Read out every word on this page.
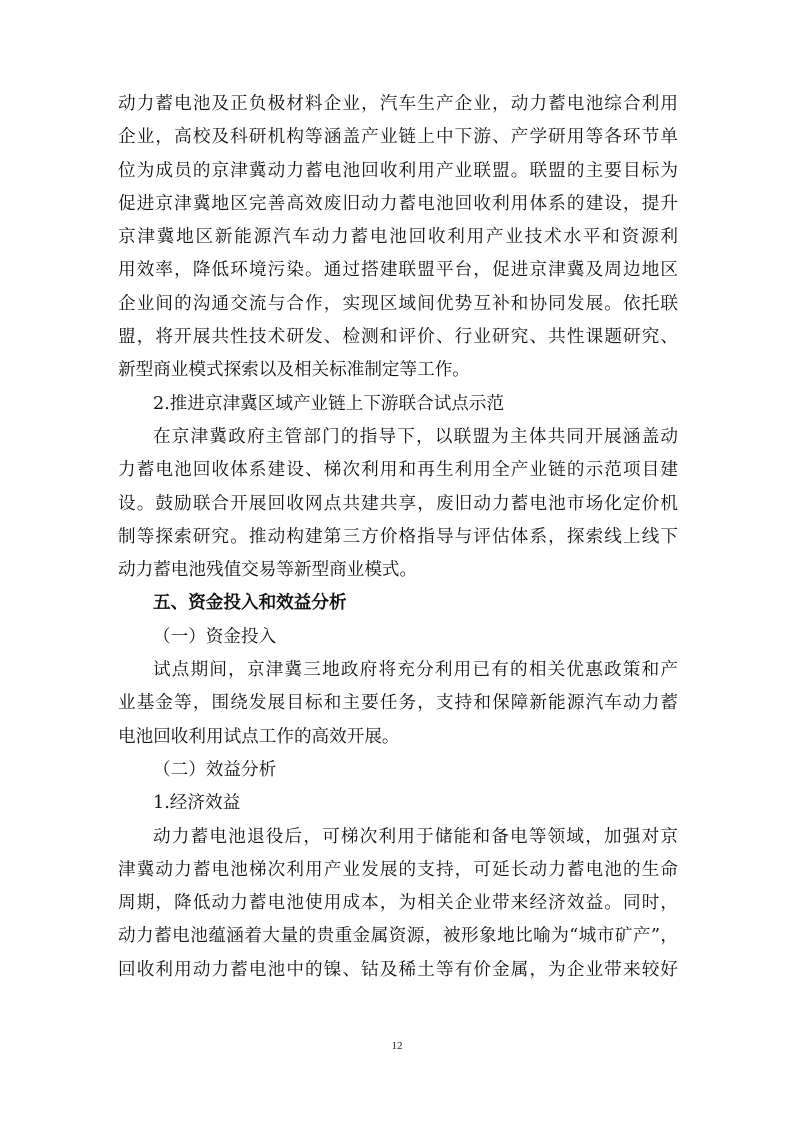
动力蓄电池及正负极材料企业，汽车生产企业，动力蓄电池综合利用
企业，高校及科研机构等涵盖产业链上中下游、产学研用等各环节单
位为成员的京津冀动力蓄电池回收利用产业联盟。联盟的主要目标为
促进京津冀地区完善高效废旧动力蓄电池回收利用体系的建设，提升
京津冀地区新能源汽车动力蓄电池回收利用产业技术水平和资源利
用效率，降低环境污染。通过搭建联盟平台，促进京津冀及周边地区
企业间的沟通交流与合作，实现区域间优势互补和协同发展。依托联
盟，将开展共性技术研发、检测和评价、行业研究、共性课题研究、
新型商业模式探索以及相关标准制定等工作。
2.推进京津冀区域产业链上下游联合试点示范
在京津冀政府主管部门的指导下，以联盟为主体共同开展涵盖动
力蓄电池回收体系建设、梯次利用和再生利用全产业链的示范项目建
设。鼓励联合开展回收网点共建共享，废旧动力蓄电池市场化定价机
制等探索研究。推动构建第三方价格指导与评估体系，探索线上线下
动力蓄电池残值交易等新型商业模式。
五、资金投入和效益分析
（一）资金投入
试点期间，京津冀三地政府将充分利用已有的相关优惠政策和产
业基金等，围绕发展目标和主要任务，支持和保障新能源汽车动力蓄
电池回收利用试点工作的高效开展。
（二）效益分析
1.经济效益
动力蓄电池退役后，可梯次利用于储能和备电等领域，加强对京
津冀动力蓄电池梯次利用产业发展的支持，可延长动力蓄电池的生命
周期，降低动力蓄电池使用成本，为相关企业带来经济效益。同时，
动力蓄电池蕴涵着大量的贵重金属资源，被形象地比喻为“城市矿产”，
回收利用动力蓄电池中的镍、钴及稀土等有价金属，为企业带来较好
12
